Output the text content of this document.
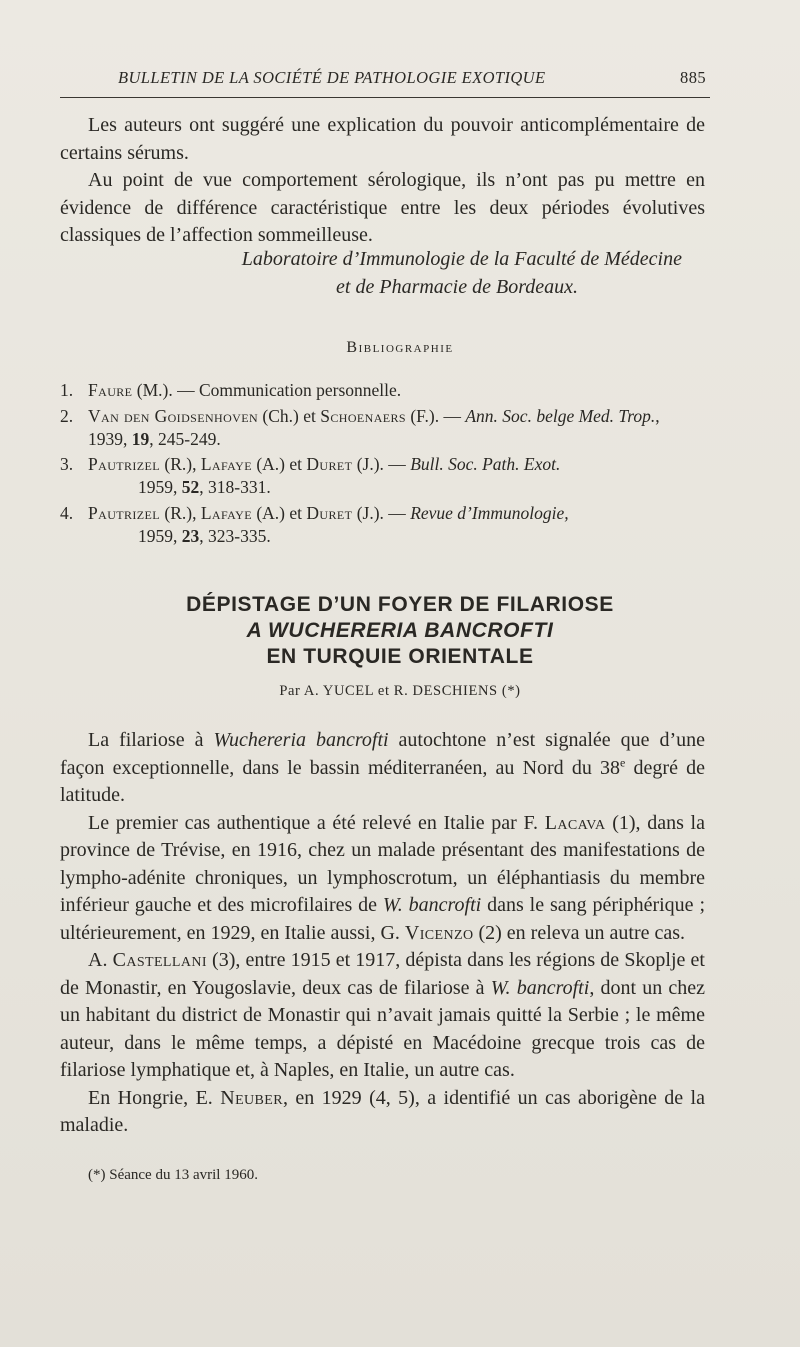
BULLETIN DE LA SOCIÉTÉ DE PATHOLOGIE EXOTIQUE	885

Les auteurs ont suggéré une explication du pouvoir anticomplémentaire de certains sérums.

Au point de vue comportement sérologique, ils n’ont pas pu mettre en évidence de différence caractéristique entre les deux périodes évolutives classiques de l’affection sommeilleuse.

Laboratoire d’Immunologie de la Faculté de Médecine
et de Pharmacie de Bordeaux.
Bibliographie
1. Faure (M.). — Communication personnelle.
2. Van den Goidsenhoven (Ch.) et Schoenaers (F.). — Ann. Soc. belge Med. Trop., 1939, 19, 245-249.
3. Pautrizel (R.), Lafaye (A.) et Duret (J.). — Bull. Soc. Path. Exot.
1959, 52, 318-331.
4. Pautrizel (R.), Lafaye (A.) et Duret (J.). — Revue d’Immunologie,
1959, 23, 323-335.
DÉPISTAGE D’UN FOYER DE FILARIOSE
A WUCHERERIA BANCROFTI
EN TURQUIE ORIENTALE
Par A. YUCEL et R. DESCHIENS (*)

La filariose à Wuchereria bancrofti autochtone n’est signalée que d’une façon exceptionnelle, dans le bassin méditerranéen, au Nord du 38e degré de latitude.

Le premier cas authentique a été relevé en Italie par F. Lacava (1), dans la province de Trévise, en 1916, chez un malade présentant des manifestations de lympho-adénite chroniques, un lymphoscrotum, un éléphantiasis du membre inférieur gauche et des microfilaires de W. bancrofti dans le sang périphérique ; ultérieurement, en 1929, en Italie aussi, G. Vicenzo (2) en releva un autre cas.

A. Castellani (3), entre 1915 et 1917, dépista dans les régions de Skoplje et de Monastir, en Yougoslavie, deux cas de filariose à W. bancrofti, dont un chez un habitant du district de Monastir qui n’avait jamais quitté la Serbie ; le même auteur, dans le même temps, a dépisté en Macédoine grecque trois cas de filariose lymphatique et, à Naples, en Italie, un autre cas.

En Hongrie, E. Neuber, en 1929 (4, 5), a identifié un cas aborigène de la maladie.

(*) Séance du 13 avril 1960.
